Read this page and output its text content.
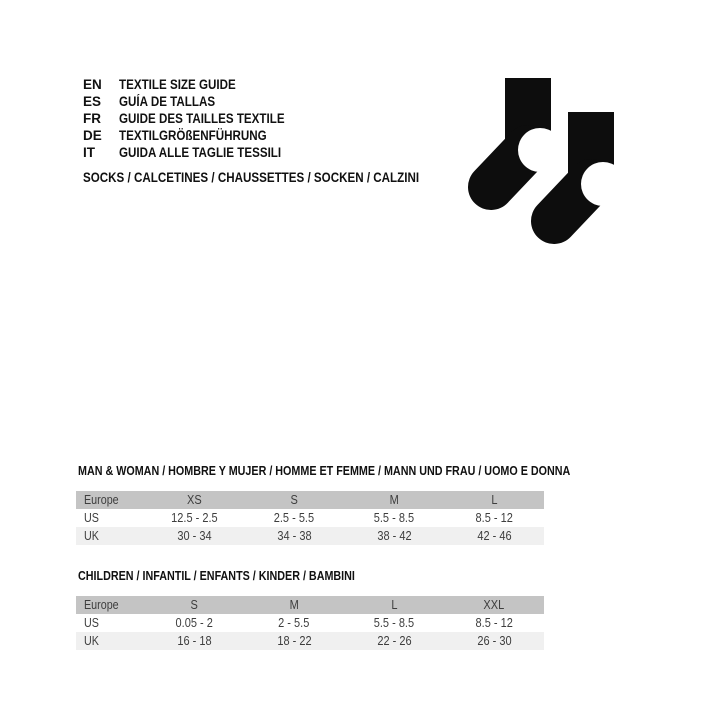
EN	TEXTILE SIZE GUIDE
ES	GUÍA DE TALLAS
FR	GUIDE DES TAILLES TEXTILE
DE	TEXTILGRÖßENFÜHRUNG
IT	GUIDA ALLE TAGLIE TESSILI
SOCKS / CALCETINES / CHAUSSETTES / SOCKEN / CALZINI
MAN & WOMAN / HOMBRE Y MUJER / HOMME ET FEMME / MANN UND FRAU / UOMO E DONNA
Europe	XS	S	M	L
US	12.5 - 2.5	2.5 - 5.5	5.5 - 8.5	8.5 - 12
UK	30 - 34	34 - 38	38 - 42	42 - 46
CHILDREN / INFANTIL / ENFANTS / KINDER / BAMBINI
Europe	S	M	L	XXL
US	0.05 - 2	2 - 5.5	5.5 - 8.5	8.5 - 12
UK	16 - 18	18 - 22	22 - 26	26 - 30
